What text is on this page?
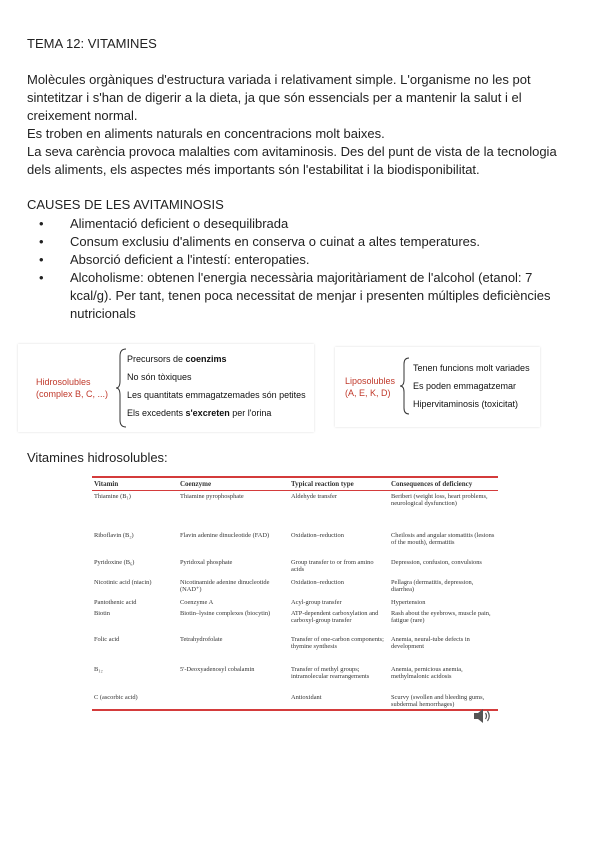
TEMA 12: VITAMINES

Molècules orgàniques d'estructura variada i relativament simple. L'organisme no les pot sintetitzar i s'han de digerir a la dieta, ja que són essencials per a mantenir la salut i el creixement normal.

Es troben en aliments naturals en concentracions molt baixes.

La seva carència provoca malalties com avitaminosis. Des del punt de vista de la tecnologia dels aliments, els aspectes més importants són l'estabilitat i la biodisponibilitat.

CAUSES DE LES AVITAMINOSIS
• Alimentació deficient o desequilibrada
• Consum exclusiu d'aliments en conserva o cuinat a altes temperatures.
• Absorció deficient a l'intestí: enteropaties.
• Alcoholisme: obtenen l'energia necessària majoritàriament de l'alcohol (etanol: 7 kcal/g). Per tant, tenen poca necessitat de menjar i presenten múltiples deficiències nutricionals
Hidrosolubles
(complex B, C, ...)
Precursors de coenzims
No són tòxiques
Les quantitats emmagatzemades són petites
Els excedents s'excreten per l'orina
Liposolubles
(A, E, K, D)
Tenen funcions molt variades
Es poden emmagatzemar
Hipervitaminosis (toxicitat)
Vitamines hidrosolubles:
Vitamin	Coenzyme	Typical reaction type	Consequences of deficiency
Thiamine (B₁)	Thiamine pyrophosphate	Aldehyde transfer	Beriberi (weight loss, heart problems, neurological dysfunction)
Riboflavin (B₂)	Flavin adenine dinucleotide (FAD)	Oxidation–reduction	Cheilosis and angular stomatitis (lesions of the mouth), dermatitis
Pyridoxine (B₆)	Pyridoxal phosphate	Group transfer to or from amino acids	Depression, confusion, convulsions
Nicotinic acid (niacin)	Nicotinamide adenine dinucleotide (NAD⁺)	Oxidation–reduction	Pellagra (dermatitis, depression, diarrhea)
Pantothenic acid	Coenzyme A	Acyl-group transfer	Hypertension
Biotin	Biotin–lysine complexes (biocytin)	ATP-dependent carboxylation and carboxyl-group transfer	Rash about the eyebrows, muscle pain, fatigue (rare)
Folic acid	Tetrahydrofolate	Transfer of one-carbon components; thymine synthesis	Anemia, neural-tube defects in development
B₁₂	5'-Deoxyadenosyl cobalamin	Transfer of methyl groups; intramolecular rearrangements	Anemia, pernicious anemia, methylmalonic acidosis
C (ascorbic acid)		Antioxidant	Scurvy (swollen and bleeding gums, subdermal hemorrhages)
